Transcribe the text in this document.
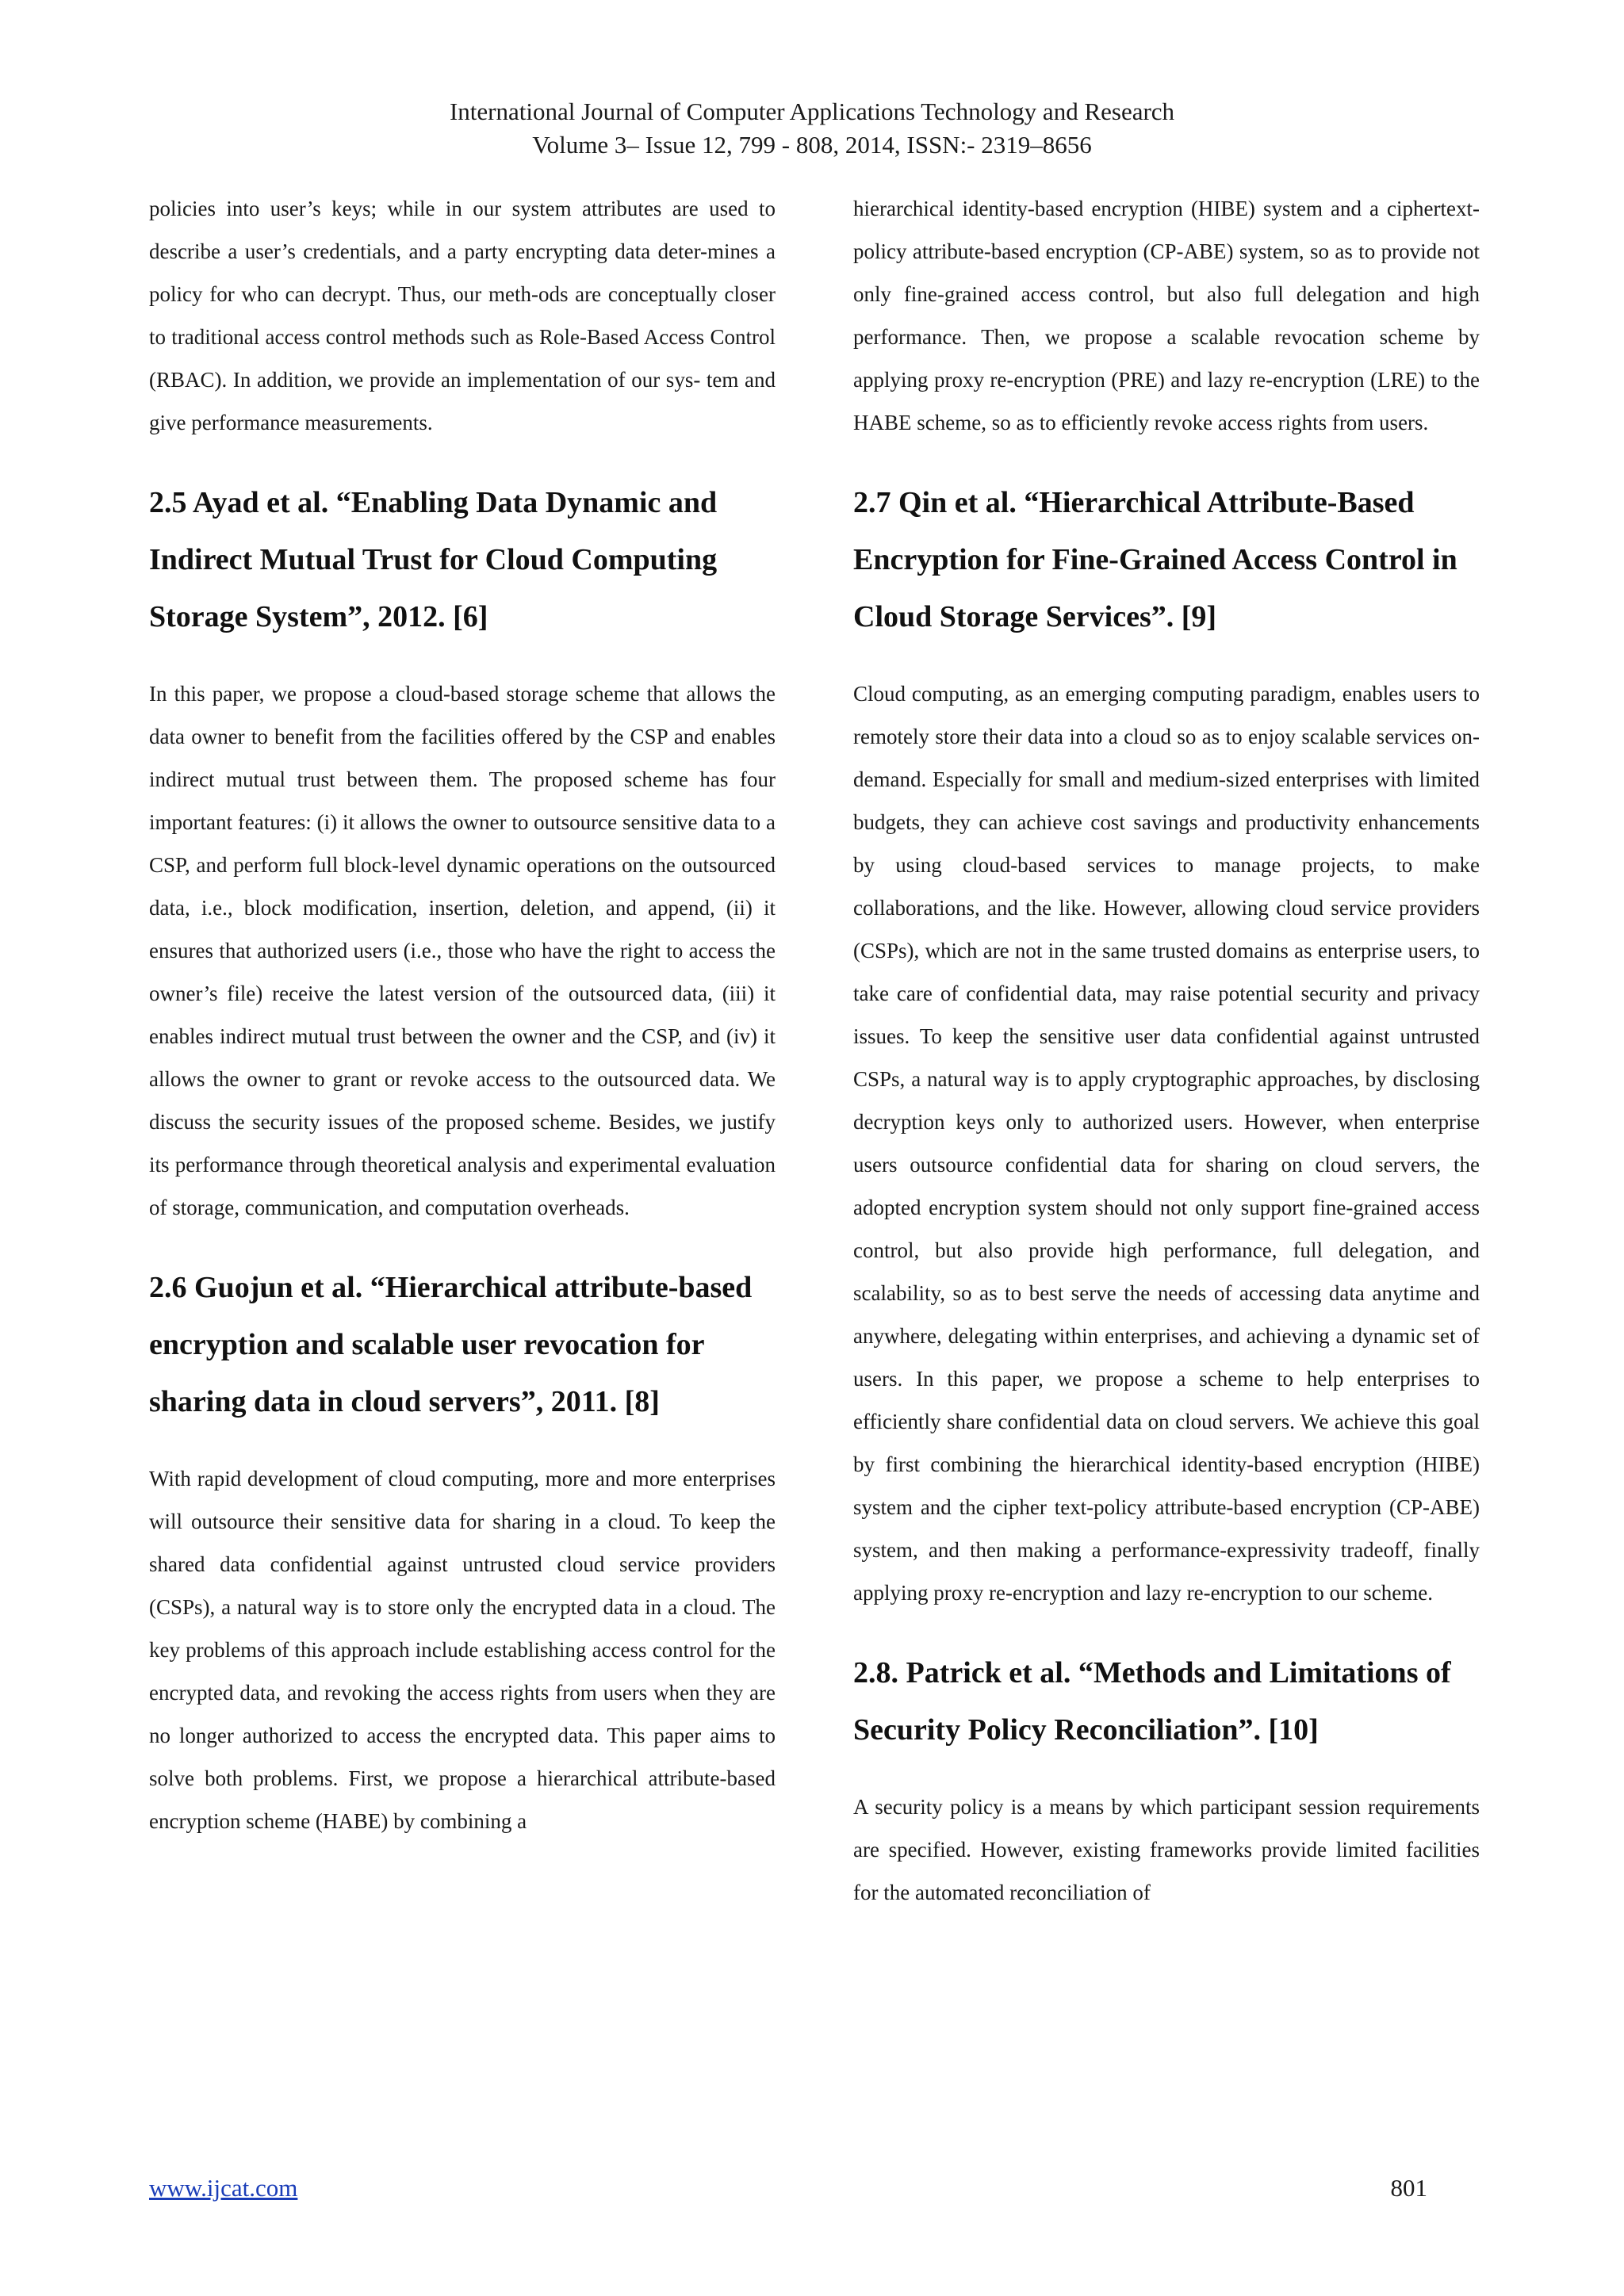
International Journal of Computer Applications Technology and Research
Volume 3– Issue 12, 799 - 808, 2014, ISSN:- 2319–8656

policies into user’s keys; while in our system attributes are used to describe a user’s credentials, and a party encrypting data deter-mines a policy for who can decrypt. Thus, our meth-ods are conceptually closer to traditional access control methods such as Role-Based Access Control (RBAC). In addition, we provide an implementation of our sys- tem and give performance measurements.

2.5 Ayad et al. “Enabling Data Dynamic and Indirect Mutual Trust for Cloud Computing Storage System”, 2012. [6]

In this paper, we propose a cloud-based storage scheme that allows the data owner to benefit from the facilities offered by the CSP and enables indirect mutual trust between them. The proposed scheme has four important features: (i) it allows the owner to outsource sensitive data to a CSP, and perform full block-level dynamic operations on the outsourced data, i.e., block modification, insertion, deletion, and append, (ii) it ensures that authorized users (i.e., those who have the right to access the owner’s file) receive the latest version of the outsourced data, (iii) it enables indirect mutual trust between the owner and the CSP, and (iv) it allows the owner to grant or revoke access to the outsourced data. We discuss the security issues of the proposed scheme. Besides, we justify its performance through theoretical analysis and experimental evaluation of storage, communication, and computation overheads.

2.6 Guojun et al. “Hierarchical attribute-based encryption and scalable user revocation for sharing data in cloud servers”, 2011. [8]

With rapid development of cloud computing, more and more enterprises will outsource their sensitive data for sharing in a cloud. To keep the shared data confidential against untrusted cloud service providers (CSPs), a natural way is to store only the encrypted data in a cloud. The key problems of this approach include establishing access control for the encrypted data, and revoking the access rights from users when they are no longer authorized to access the encrypted data. This paper aims to solve both problems. First, we propose a hierarchical attribute-based encryption scheme (HABE) by combining a

hierarchical identity-based encryption (HIBE) system and a ciphertext-policy attribute-based encryption (CP-ABE) system, so as to provide not only fine-grained access control, but also full delegation and high performance. Then, we propose a scalable revocation scheme by applying proxy re-encryption (PRE) and lazy re-encryption (LRE) to the HABE scheme, so as to efficiently revoke access rights from users.

2.7 Qin et al. “Hierarchical Attribute-Based Encryption for Fine-Grained Access Control in Cloud Storage Services”. [9]

Cloud computing, as an emerging computing paradigm, enables users to remotely store their data into a cloud so as to enjoy scalable services on-demand. Especially for small and medium-sized enterprises with limited budgets, they can achieve cost savings and productivity enhancements by using cloud-based services to manage projects, to make collaborations, and the like. However, allowing cloud service providers (CSPs), which are not in the same trusted domains as enterprise users, to take care of confidential data, may raise potential security and privacy issues. To keep the sensitive user data confidential against untrusted CSPs, a natural way is to apply cryptographic approaches, by disclosing decryption keys only to authorized users. However, when enterprise users outsource confidential data for sharing on cloud servers, the adopted encryption system should not only support fine-grained access control, but also provide high performance, full delegation, and scalability, so as to best serve the needs of accessing data anytime and anywhere, delegating within enterprises, and achieving a dynamic set of users. In this paper, we propose a scheme to help enterprises to efficiently share confidential data on cloud servers. We achieve this goal by first combining the hierarchical identity-based encryption (HIBE) system and the cipher text-policy attribute-based encryption (CP-ABE) system, and then making a performance-expressivity tradeoff, finally applying proxy re-encryption and lazy re-encryption to our scheme.

2.8. Patrick et al. “Methods and Limitations of Security Policy Reconciliation”. [10]

A security policy is a means by which participant session requirements are specified. However, existing frameworks provide limited facilities for the automated reconciliation of

www.ijcat.com	801
